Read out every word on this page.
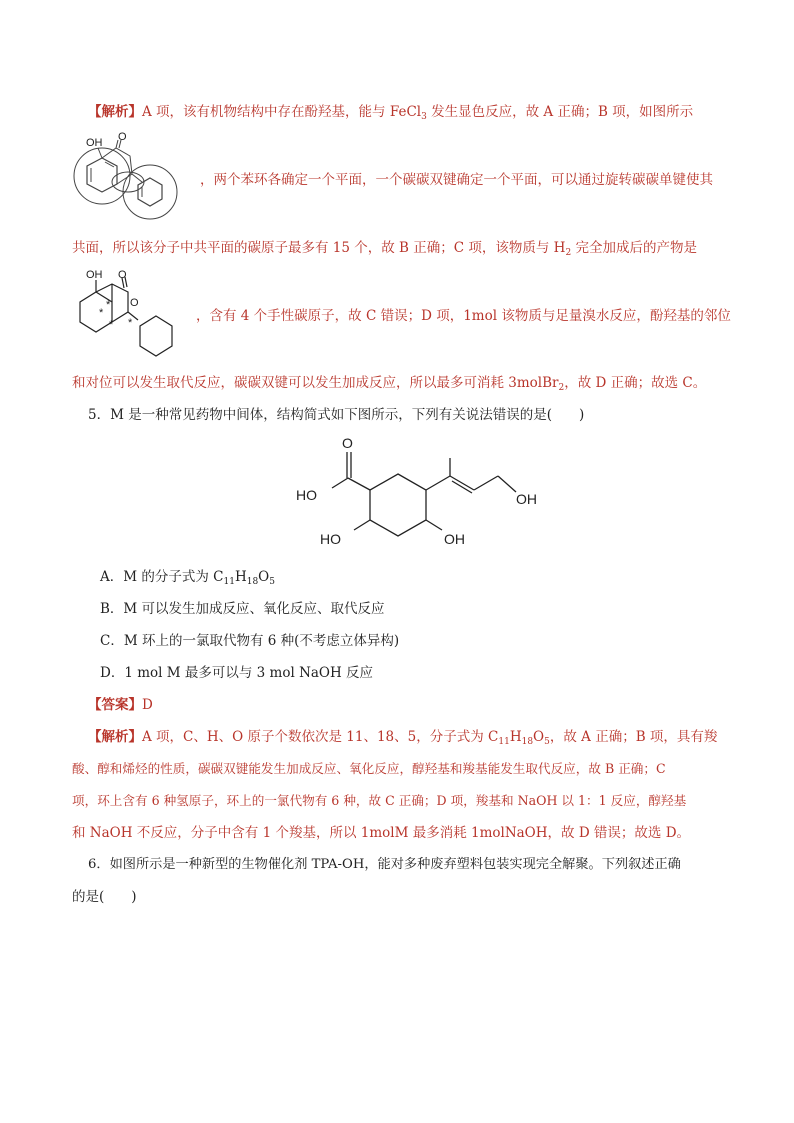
【解析】A 项，该有机物结构中存在酚羟基，能与 FeCl$_3$ 发生显色反应，故 A 正确；B 项，如图所示
OH O
，两个苯环各确定一个平面，一个碳碳双键确定一个平面，可以通过旋转碳碳单键使其
共面，所以该分子中共平面的碳原子最多有 15 个，故 B 正确；C 项，该物质与 $H_2$ 完全加成后的产物是
OH O
O
*
*
* *	，含有 4 个手性碳原子，故 C 错误；D 项，1mol 该物质与足量溴水反应，酚羟基的邻位
和对位可以发生取代反应，碳碳双键可以发生加成反应，所以最多可消耗 3molBr$_2$，故 D 正确；故选 C。
5．M 是一种常见药物中间体，结构简式如下图所示，下列有关说法错误的是(　　)
O
HO	OH
HO	OH
A．M 的分子式为 $C_{11}H_{18}O_5$
B．M 可以发生加成反应、氧化反应、取代反应
C．M 环上的一氯取代物有 6 种(不考虑立体异构)
D．1 mol M 最多可以与 3 mol NaOH 反应
【答案】D
【解析】A 项，C、H、O 原子个数依次是 11、18、5，分子式为 $C_{11}H_{18}O_5$，故 A 正确；B 项，具有羧
酸、醇和烯烃的性质，碳碳双键能发生加成反应、氧化反应，醇羟基和羧基能发生取代反应，故 B 正确；C
项，环上含有 6 种氢原子，环上的一氯代物有 6 种，故 C 正确；D 项，羧基和 NaOH 以 1：1 反应，醇羟基
和 NaOH 不反应，分子中含有 1 个羧基，所以 1molM 最多消耗 1molNaOH，故 D 错误；故选 D。
6．如图所示是一种新型的生物催化剂 TPA-OH，能对多种废弃塑料包装实现完全解聚。下列叙述正确
的是(　　)
